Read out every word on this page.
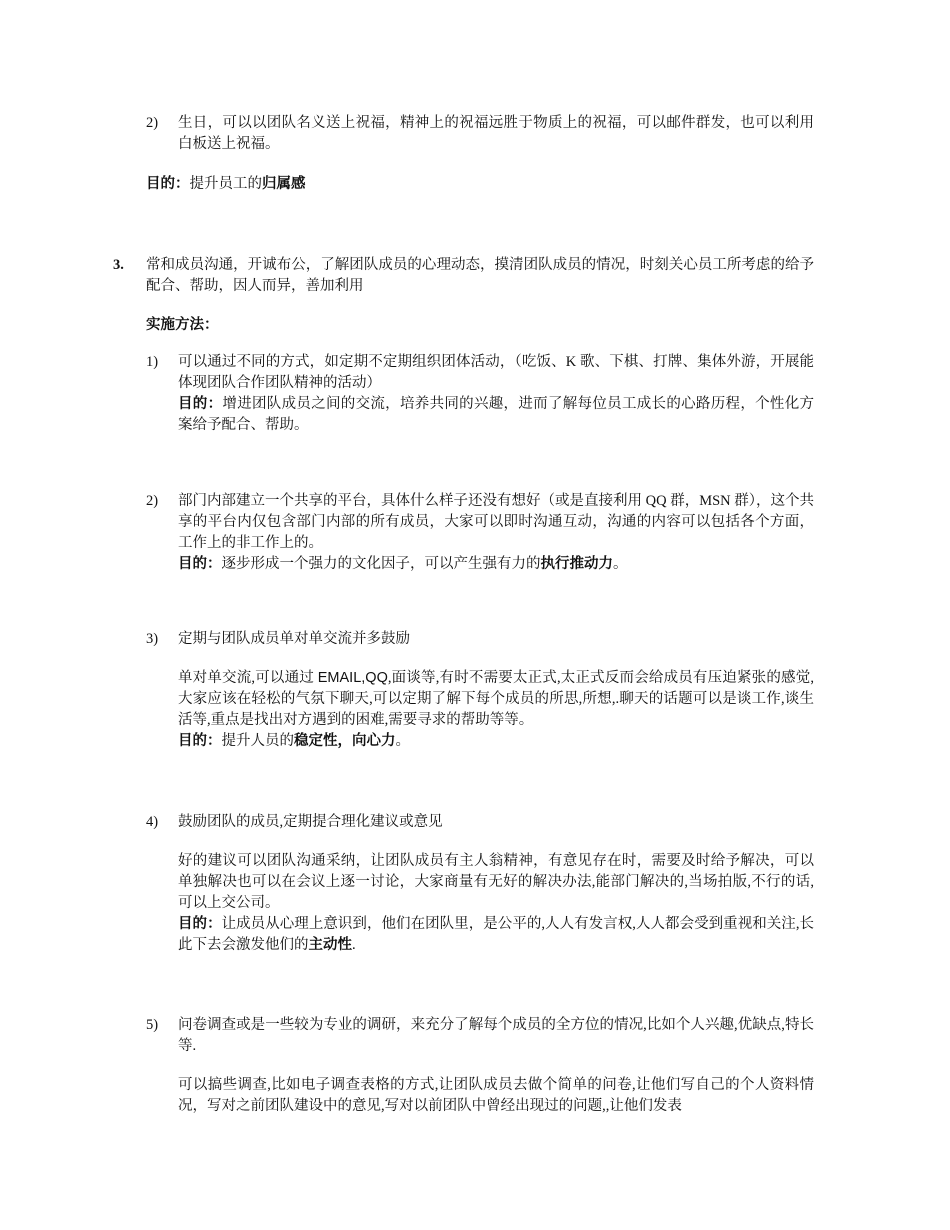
2) 生日，可以以团队名义送上祝福，精神上的祝福远胜于物质上的祝福，可以邮件群发，也可以利用白板送上祝福。
目的：提升员工的归属感
3. 常和成员沟通，开诚布公，了解团队成员的心理动态，摸清团队成员的情况，时刻关心员工所考虑的给予配合、帮助，因人而异，善加利用
实施方法：
1) 可以通过不同的方式，如定期不定期组织团体活动，（吃饭、K 歌、下棋、打牌、集体外游，开展能体现团队合作团队精神的活动）
目的：增进团队成员之间的交流，培养共同的兴趣，进而了解每位员工成长的心路历程，个性化方案给予配合、帮助。
2) 部门内部建立一个共享的平台，具体什么样子还没有想好（或是直接利用 QQ 群，MSN 群），这个共享的平台内仅包含部门内部的所有成员，大家可以即时沟通互动，沟通的内容可以包括各个方面，工作上的非工作上的。
目的：逐步形成一个强力的文化因子，可以产生强有力的执行推动力。
3) 定期与团队成员单对单交流并多鼓励
单对单交流,可以通过 EMAIL,QQ,面谈等,有时不需要太正式,太正式反而会给成员有压迫紧张的感觉,大家应该在轻松的气氛下聊天,可以定期了解下每个成员的所思,所想,.聊天的话题可以是谈工作,谈生活等,重点是找出对方遇到的困难,需要寻求的帮助等等。
目的：提升人员的稳定性，向心力。
4) 鼓励团队的成员,定期提合理化建议或意见
好的建议可以团队沟通采纳，让团队成员有主人翁精神，有意见存在时，需要及时给予解决，可以单独解决也可以在会议上逐一讨论，大家商量有无好的解决办法,能部门解决的,当场拍版,不行的话,可以上交公司。
目的：让成员从心理上意识到，他们在团队里，是公平的,人人有发言权,人人都会受到重视和关注,长此下去会激发他们的主动性.
5) 问卷调查或是一些较为专业的调研，来充分了解每个成员的全方位的情况,比如个人兴趣,优缺点,特长等.
可以搞些调查,比如电子调查表格的方式,让团队成员去做个简单的问卷,让他们写自己的个人资料情况，写对之前团队建设中的意见,写对以前团队中曾经出现过的问题,,让他们发表
